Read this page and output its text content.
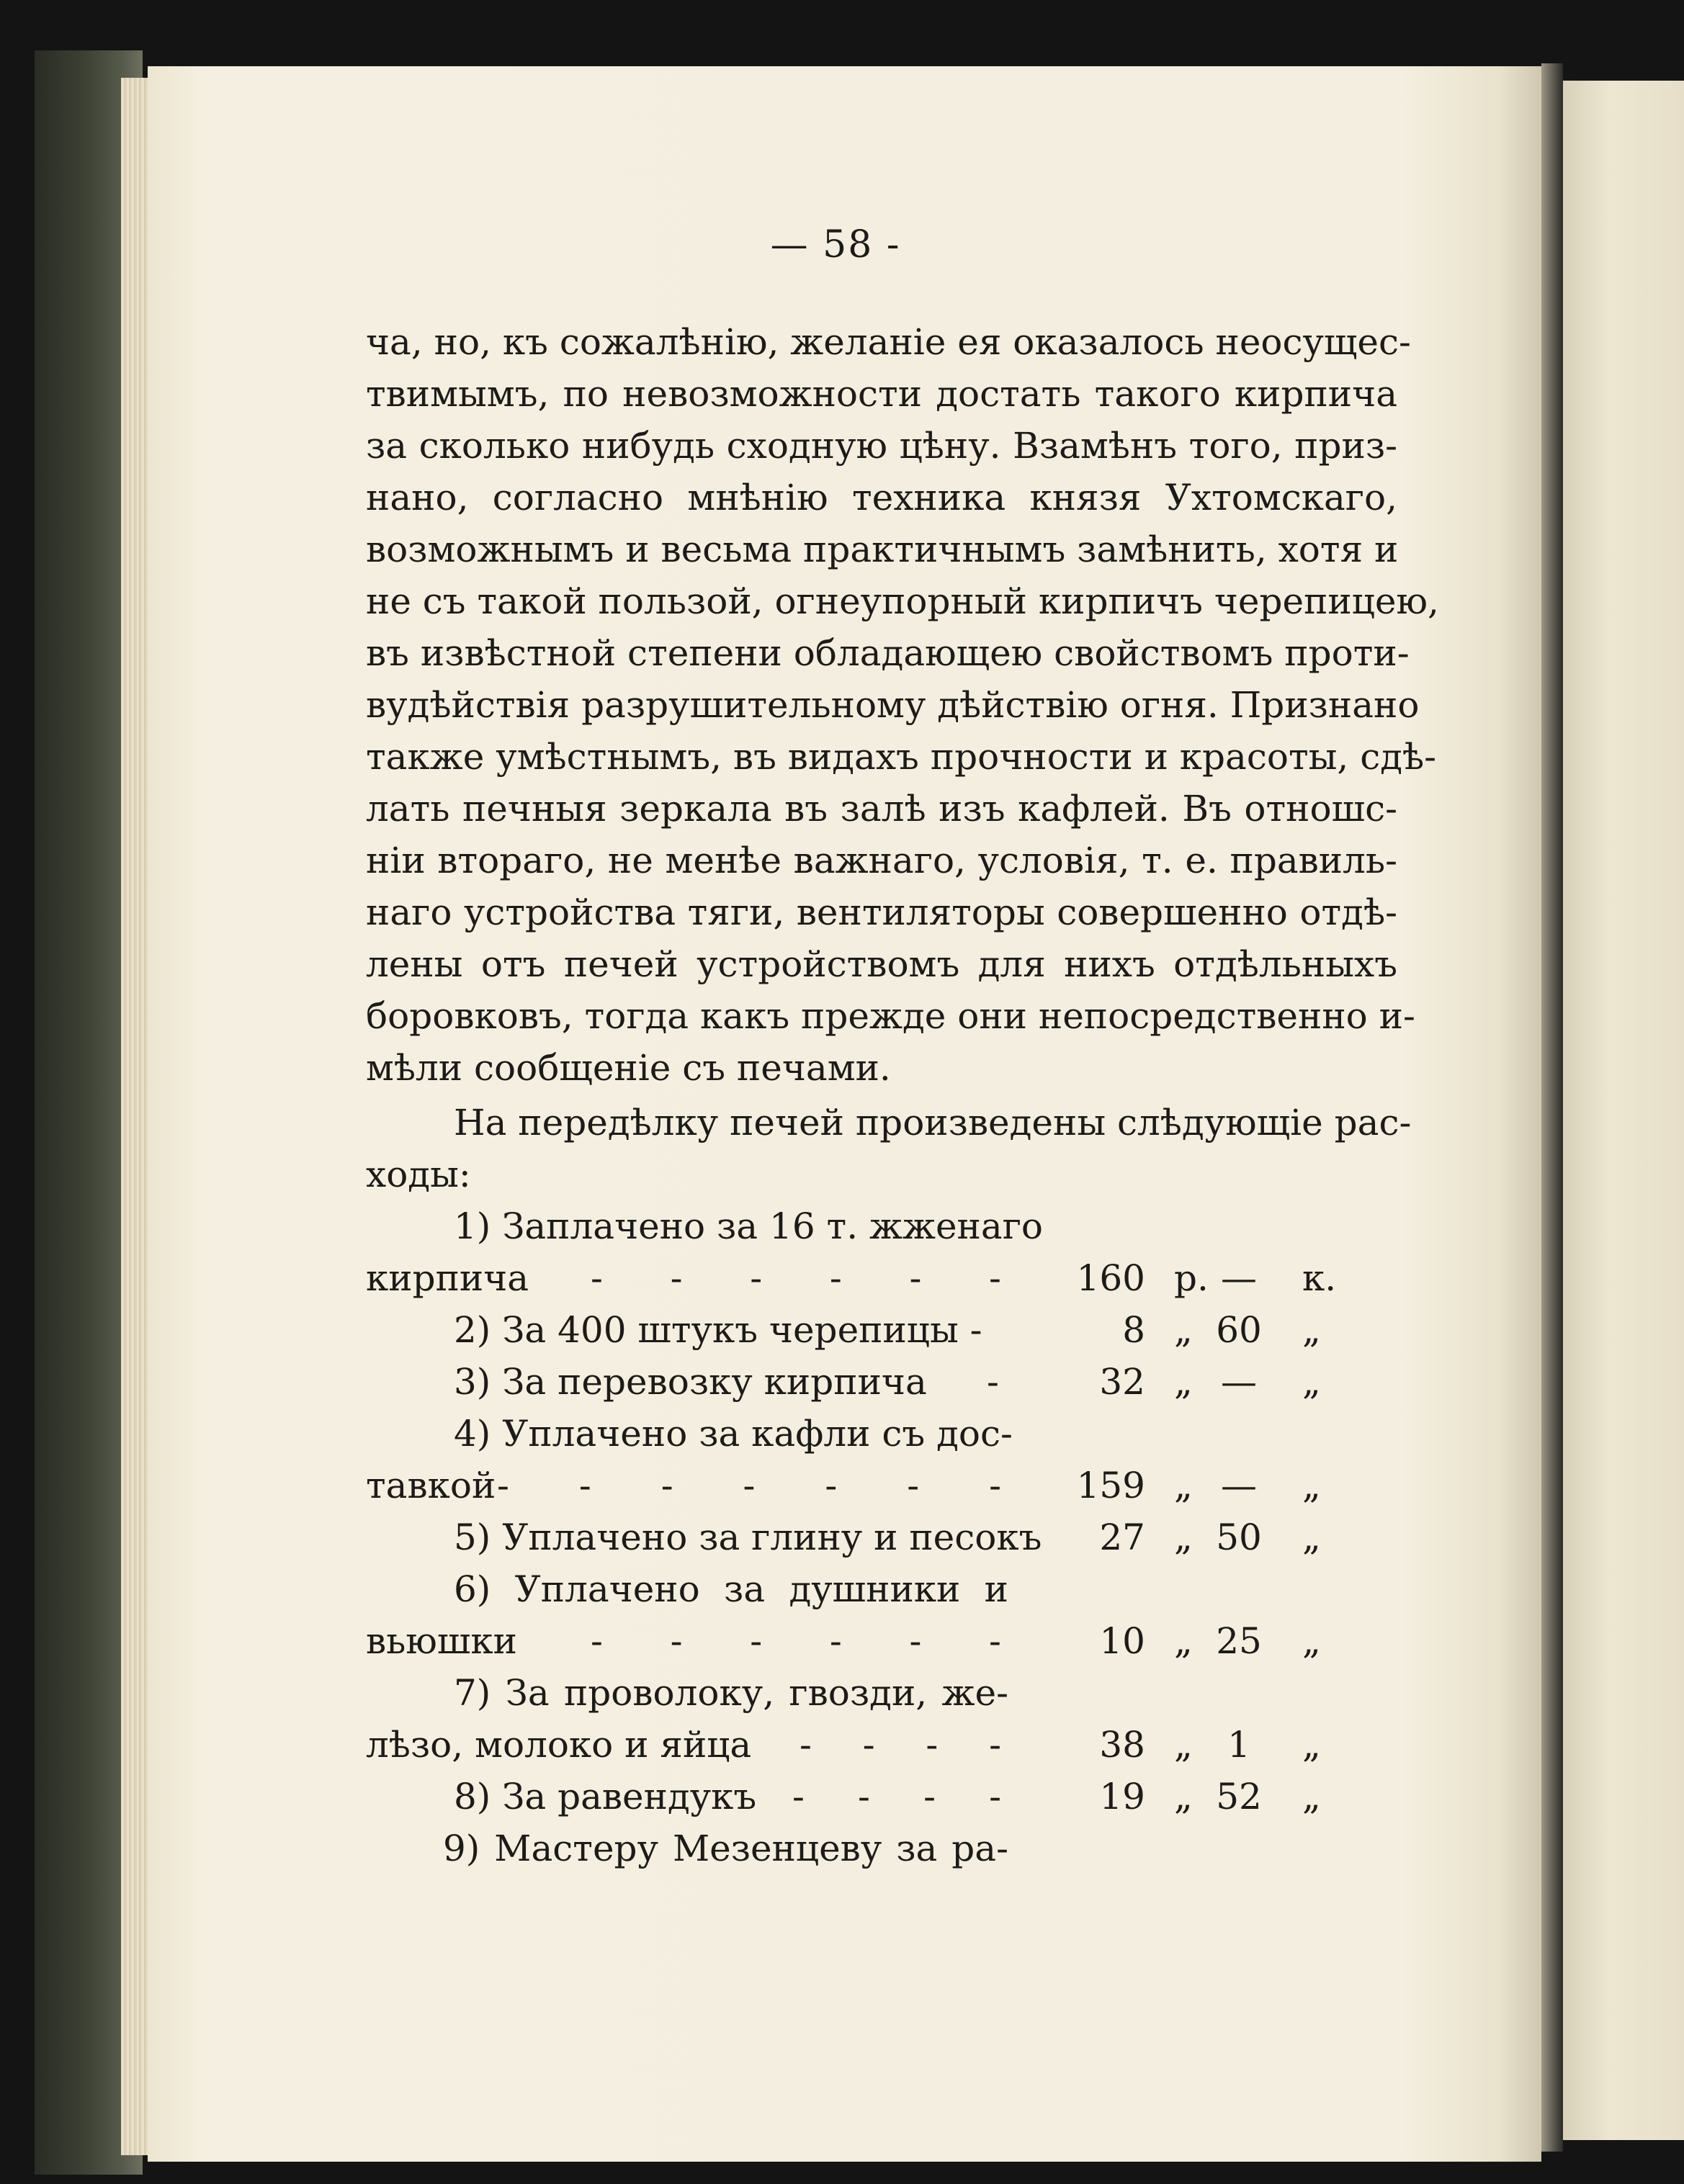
— 58 -
ча, но, къ сожалѣнію, желаніе ея оказалось неосущес-
твимымъ, по невозможности достать такого кирпича
за сколько нибудь сходную цѣну. Взамѣнъ того, приз-
нано, согласно мнѣнію техника князя Ухтомскаго,
возможнымъ и весьма практичнымъ замѣнить, хотя и
не съ такой пользой, огнеупорный кирпичъ черепицею,
въ извѣстной степени обладающею свойствомъ проти-
вудѣйствія разрушительному дѣйствію огня. Признано
также умѣстнымъ, въ видахъ прочности и красоты, сдѣ-
лать печныя зеркала въ залѣ изъ кафлей. Въ отношс-
ніи втораго, не менѣе важнаго, условія, т. е. правиль-
наго устройства тяги, вентиляторы совершенно отдѣ-
лены отъ печей устройствомъ для нихъ отдѣльныхъ
боровковъ, тогда какъ прежде они непосредственно и-
мѣли сообщеніе съ печами.
На передѣлку печей произведены слѣдующіе рас-
ходы:
1) Заплачено за 16 т. жженаго
кирпича - - - - - -	160 р. —	к.
2) За 400 штукъ черепицы -	8 „ 60	„
3) За перевозку кирпича -	32 „ —	„
4) Уплачено за кафли съ дос-
тавкой - - - - - - -	159 „ —	„
5) Уплачено за глину и песокъ	27 „ 50	„
6) Уплачено за душники и
вьюшки - - - - - -	10 „ 25	„
7) За проволоку, гвозди, же-
лѣзо, молоко и яйца - - - -	38 „ 1	„
8) За равендукъ - - - -	19 „ 52	„
9) Мастеру Мезенцеву за ра-
